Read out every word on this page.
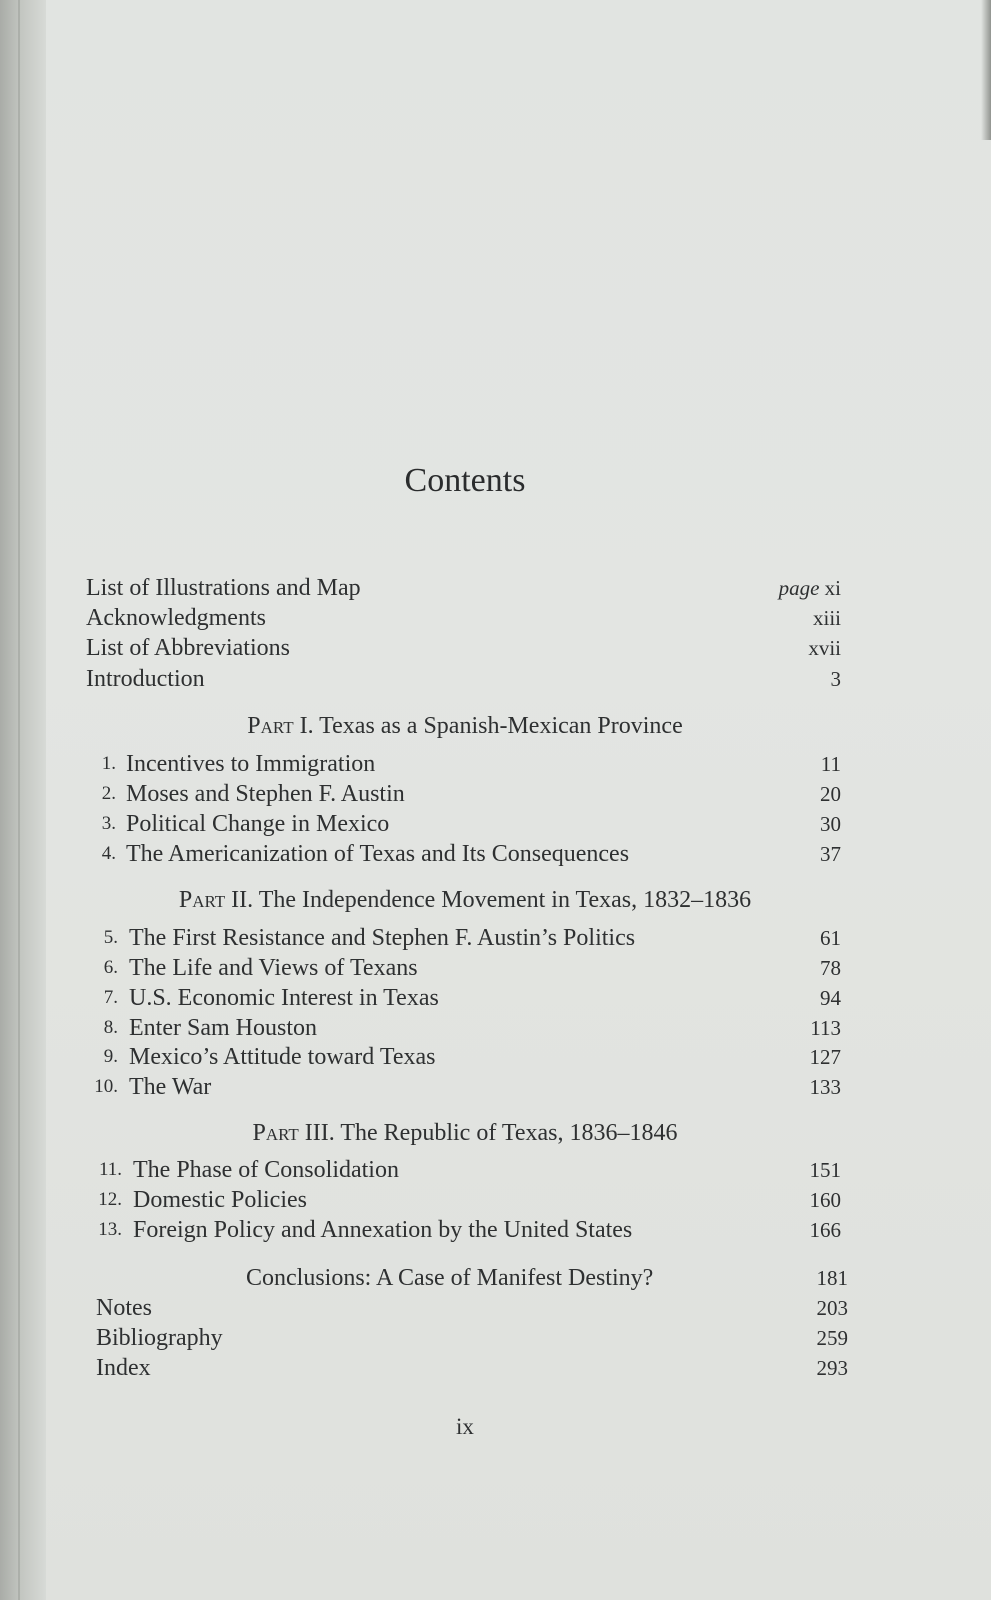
Contents
List of Illustrations and Map	page xi
Acknowledgments	xiii
List of Abbreviations	xvii
Introduction	3
Part I. Texas as a Spanish-Mexican Province
1. Incentives to Immigration	11
2. Moses and Stephen F. Austin	20
3. Political Change in Mexico	30
4. The Americanization of Texas and Its Consequences	37
Part II. The Independence Movement in Texas, 1832–1836
5. The First Resistance and Stephen F. Austin’s Politics	61
6. The Life and Views of Texans	78
7. U.S. Economic Interest in Texas	94
8. Enter Sam Houston	113
9. Mexico’s Attitude toward Texas	127
10. The War	133
Part III. The Republic of Texas, 1836–1846
11. The Phase of Consolidation	151
12. Domestic Policies	160
13. Foreign Policy and Annexation by the United States	166
Conclusions: A Case of Manifest Destiny?	181
Notes	203
Bibliography	259
Index	293
ix
